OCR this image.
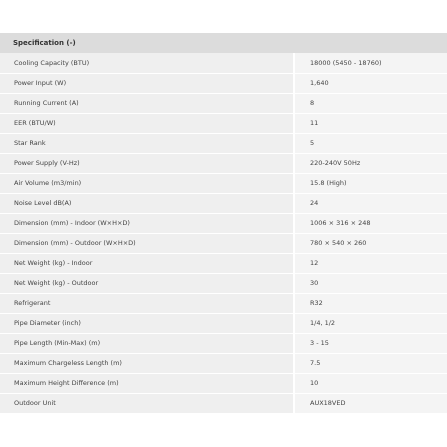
Specification (-)	
Cooling Capacity (BTU)	18000 (5450 - 18760)
Power Input (W)	1,640
Running Current (A)	8
EER (BTU/W)	11
Star Rank	5
Power Supply (V-Hz)	220-240V 50Hz
Air Volume (m3/min)	15.8 (High)
Noise Level dB(A)	24
Dimension (mm) - Indoor (W×H×D)	1006 × 316 × 248
Dimension (mm) - Outdoor (W×H×D)	780 × 540 × 260
Net Weight (kg) - Indoor	12
Net Weight (kg) - Outdoor	30
Refrigerant	R32
Pipe Diameter (inch)	1/4, 1/2
Pipe Length (Min-Max) (m)	3 - 15
Maximum Chargeless Length (m)	7.5
Maximum Height Difference (m)	10
Outdoor Unit	AUX18VED
